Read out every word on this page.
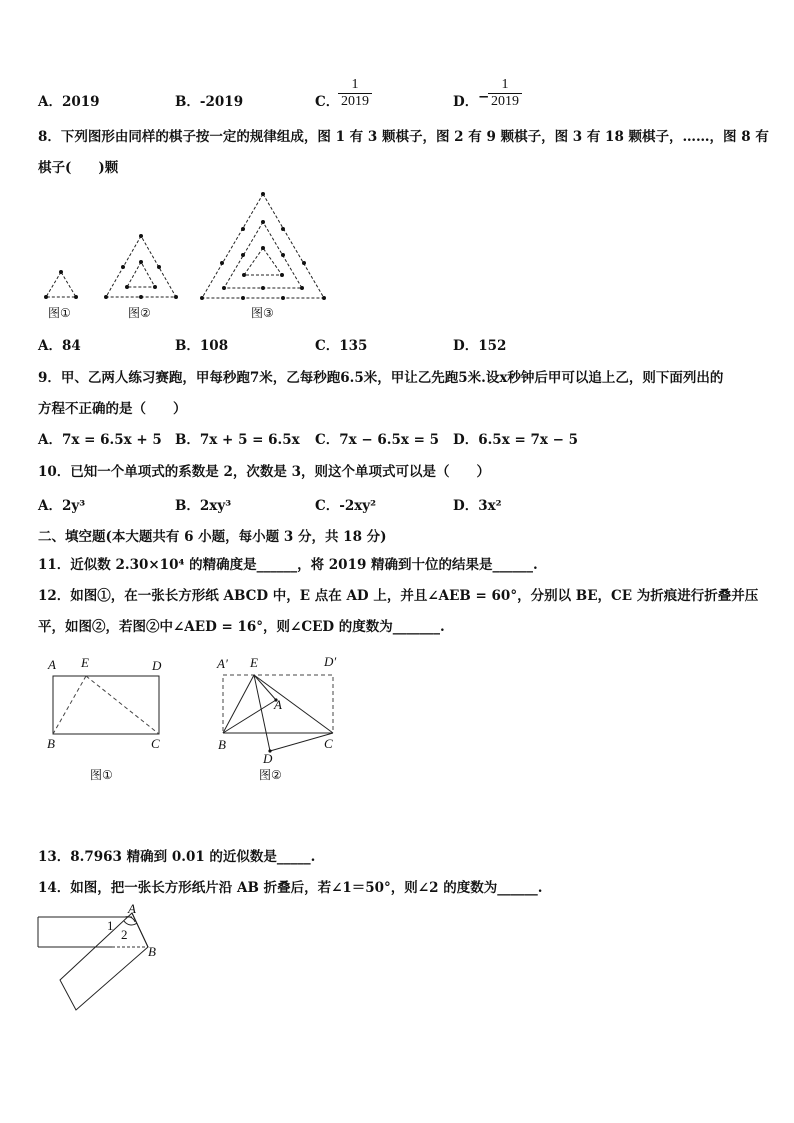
A．2019	B．-2019	C．
$\frac{1}{2019}$	D． −
$\frac{1}{2019}$
8．下列图形由同样的棋子按一定的规律组成，图 1 有 3 颗棋子，图 2 有 9 颗棋子，图 3 有 18 颗棋子，……，图 8 有
棋子(　　)颗
图①	图②	图③
A．84	B．108	C．135	D．152
9．甲、乙两人练习赛跑，甲每秒跑7米，乙每秒跑6.5米，甲让乙先跑5米.设x秒钟后甲可以追上乙，则下面列出的
方程不正确的是（　　）
A．7x = 6.5x + 5 B．7x + 5 = 6.5x C．7x − 6.5x = 5 D．6.5x = 7x − 5
10．已知一个单项式的系数是 2，次数是 3，则这个单项式可以是（　　）
A．2y³	B．2xy³	C．-2xy²	D．3x²
二、填空题(本大题共有 6 小题，每小题 3 分，共 18 分)
11．近似数 2.30×10⁴ 的精确度是______，将 2019 精确到十位的结果是______.
12．如图①，在一张长方形纸 ABCD 中，E 点在 AD 上，并且∠AEB = 60°，分别以 BE，CE 为折痕进行折叠并压
平，如图②，若图②中∠AED = 16°，则∠CED 的度数为_______.
A E	D
B	C
图①
A′ E	D′
A
B
D
C
图②
13．8.7963 精确到 0.01 的近似数是_____.
14．如图，把一张长方形纸片沿 AB 折叠后，若∠1＝50°，则∠2 的度数为______.
A
1
2
B
